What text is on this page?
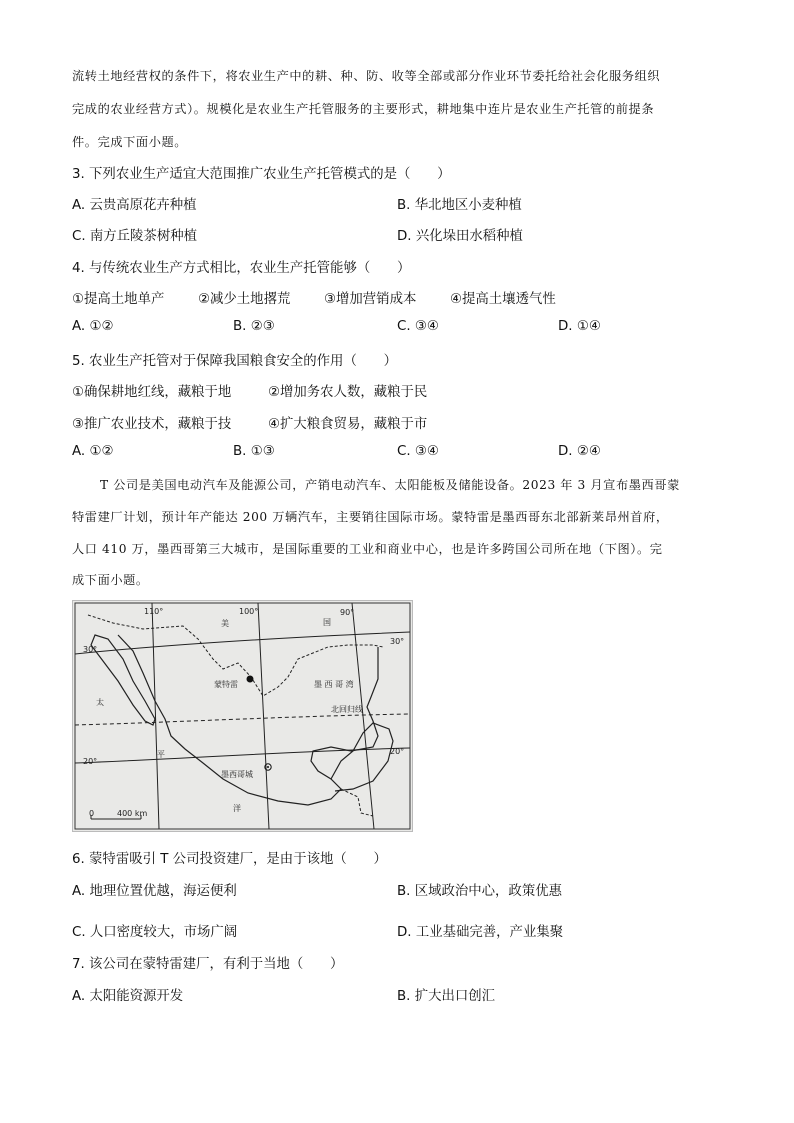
流转土地经营权的条件下，将农业生产中的耕、种、防、收等全部或部分作业环节委托给社会化服务组织
完成的农业经营方式）。规模化是农业生产托管服务的主要形式，耕地集中连片是农业生产托管的前提条
件。完成下面小题。
3. 下列农业生产适宜大范围推广农业生产托管模式的是（　　）
A. 云贵高原花卉种植	B. 华北地区小麦种植
C. 南方丘陵茶树种植	D. 兴化垛田水稻种植
4. 与传统农业生产方式相比，农业生产托管能够（　　）
①提高土地单产	②减少土地撂荒	③增加营销成本	④提高土壤透气性
A. ①②	B. ②③	C. ③④	D. ①④
5. 农业生产托管对于保障我国粮食安全的作用（　　）
①确保耕地红线，藏粮于地	②增加务农人数，藏粮于民
③推广农业技术，藏粮于技	④扩大粮食贸易，藏粮于市
A. ①②	B. ①③	C. ③④	D. ②④
T 公司是美国电动汽车及能源公司，产销电动汽车、太阳能板及储能设备。2023 年 3 月宣布墨西哥蒙
特雷建厂计划，预计年产能达 200 万辆汽车，主要销往国际市场。蒙特雷是墨西哥东北部新莱昂州首府，
人口 410 万，墨西哥第三大城市，是国际重要的工业和商业中心，也是许多跨国公司所在地（下图）。完
成下面小题。
110°	100°	90°
美	国
30°
30°
蒙特雷	墨 西 哥 湾
北回归线
太
平
洋
20°
20°
墨西哥城
0	400 km
6. 蒙特雷吸引 T 公司投资建厂，是由于该地（　　）
A. 地理位置优越，海运便利	B. 区域政治中心，政策优惠
C. 人口密度较大，市场广阔	D. 工业基础完善，产业集聚
7. 该公司在蒙特雷建厂，有利于当地（　　）
A. 太阳能资源开发	B. 扩大出口创汇
